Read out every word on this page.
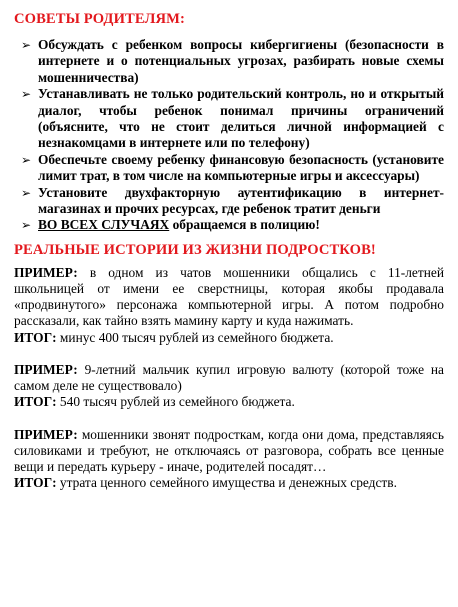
СОВЕТЫ РОДИТЕЛЯМ:
➢ Обсуждать с ребенком вопросы кибергигиены (безопасности в интернете и о потенциальных угрозах, разбирать новые схемы мошенничества)
➢ Устанавливать не только родительский контроль, но и открытый диалог, чтобы ребенок понимал причины ограничений (объясните, что не стоит делиться личной информацией с незнакомцами в интернете или по телефону)
➢ Обеспечьте своему ребенку финансовую безопасность (установите лимит трат, в том числе на компьютерные игры и аксессуары)
➢ Установите двухфакторную аутентификацию в интернет-магазинах и прочих ресурсах, где ребенок тратит деньги
➢ ВО ВСЕХ СЛУЧАЯХ обращаемся в полицию!
РЕАЛЬНЫЕ ИСТОРИИ ИЗ ЖИЗНИ ПОДРОСТКОВ!

ПРИМЕР: в одном из чатов мошенники общались с 11-летней школьницей от имени ее сверстницы, которая якобы продавала «продвинутого» персонажа компьютерной игры. А потом подробно рассказали, как тайно взять мамину карту и куда нажимать.

ИТОГ: минус 400 тысяч рублей из семейного бюджета.

ПРИМЕР: 9-летний мальчик купил игровую валюту (которой тоже на самом деле не существовало)

ИТОГ: 540 тысяч рублей из семейного бюджета.

ПРИМЕР: мошенники звонят подросткам, когда они дома, представляясь силовиками и требуют, не отключаясь от разговора, собрать все ценные вещи и передать курьеру - иначе, родителей посадят…

ИТОГ: утрата ценного семейного имущества и денежных средств.
